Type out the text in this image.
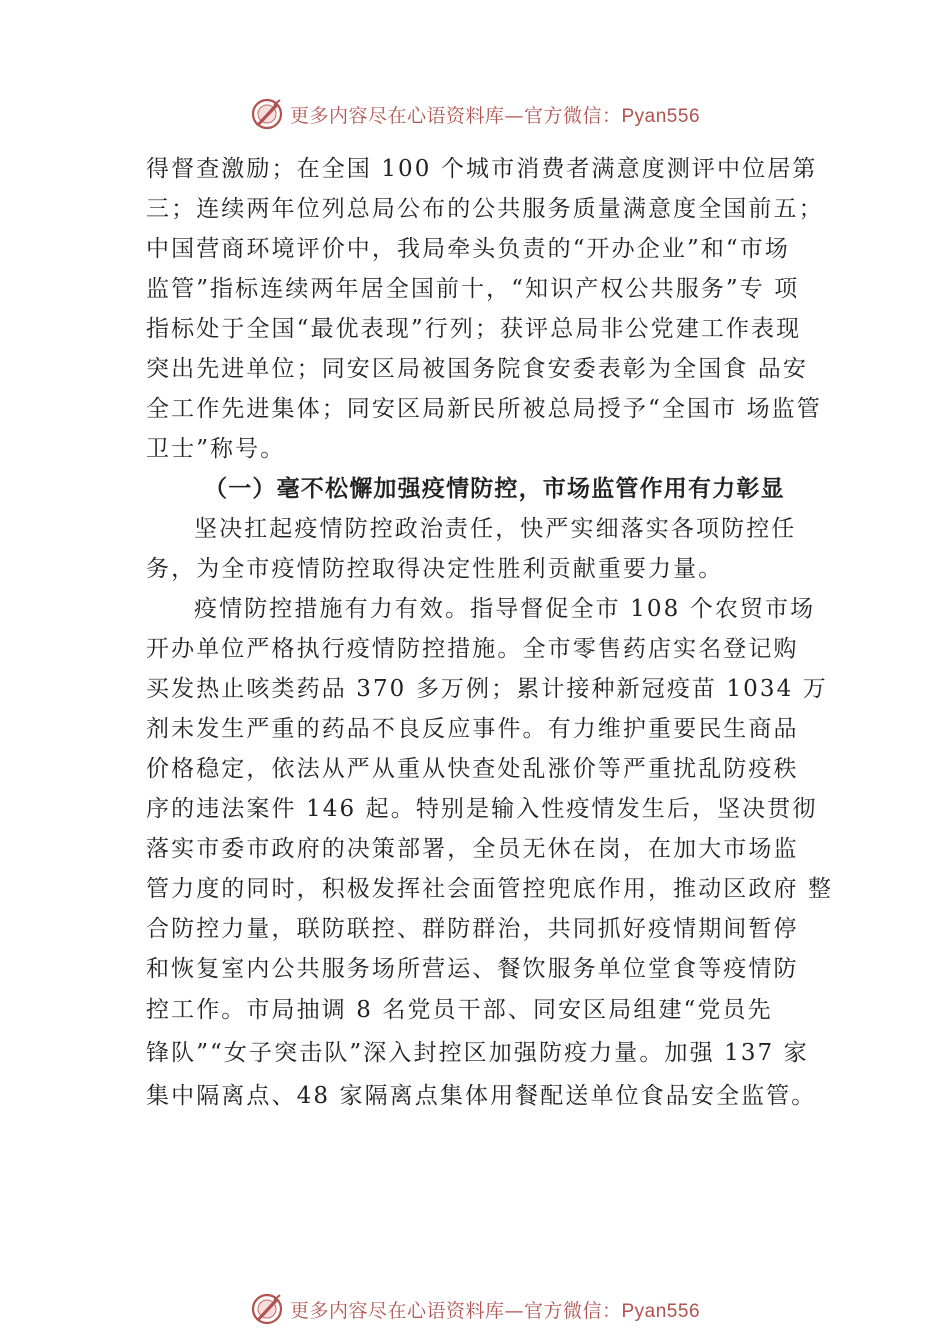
更多内容尽在心语资料库—官方微信：Pyan556
得督查激励；在全国 100 个城市消费者满意度测评中位居第
三；连续两年位列总局公布的公共服务质量满意度全国前五；
中国营商环境评价中，我局牵头负责的“开办企业”和“市场
监管”指标连续两年居全国前十，“知识产权公共服务”专 项
指标处于全国“最优表现”行列；获评总局非公党建工作表现
突出先进单位；同安区局被国务院食安委表彰为全国食 品安
全工作先进集体；同安区局新民所被总局授予“全国市 场监管
卫士”称号。
（一）毫不松懈加强疫情防控，市场监管作用有力彰显
坚决扛起疫情防控政治责任，快严实细落实各项防控任
务，为全市疫情防控取得决定性胜利贡献重要力量。
疫情防控措施有力有效。指导督促全市 108 个农贸市场
开办单位严格执行疫情防控措施。全市零售药店实名登记购
买发热止咳类药品 370 多万例；累计接种新冠疫苗 1034 万
剂未发生严重的药品不良反应事件。有力维护重要民生商品
价格稳定，依法从严从重从快查处乱涨价等严重扰乱防疫秩
序的违法案件 146 起。特别是输入性疫情发生后，坚决贯彻
落实市委市政府的决策部署，全员无休在岗，在加大市场监
管力度的同时，积极发挥社会面管控兜底作用，推动区政府 整
合防控力量，联防联控、群防群治，共同抓好疫情期间暂停
和恢复室内公共服务场所营运、餐饮服务单位堂食等疫情防
控工作。市局抽调 8 名党员干部、同安区局组建“党员先
锋队”“女子突击队”深入封控区加强防疫力量。加强 137 家
集中隔离点、48 家隔离点集体用餐配送单位食品安全监管。
更多内容尽在心语资料库—官方微信：Pyan556
